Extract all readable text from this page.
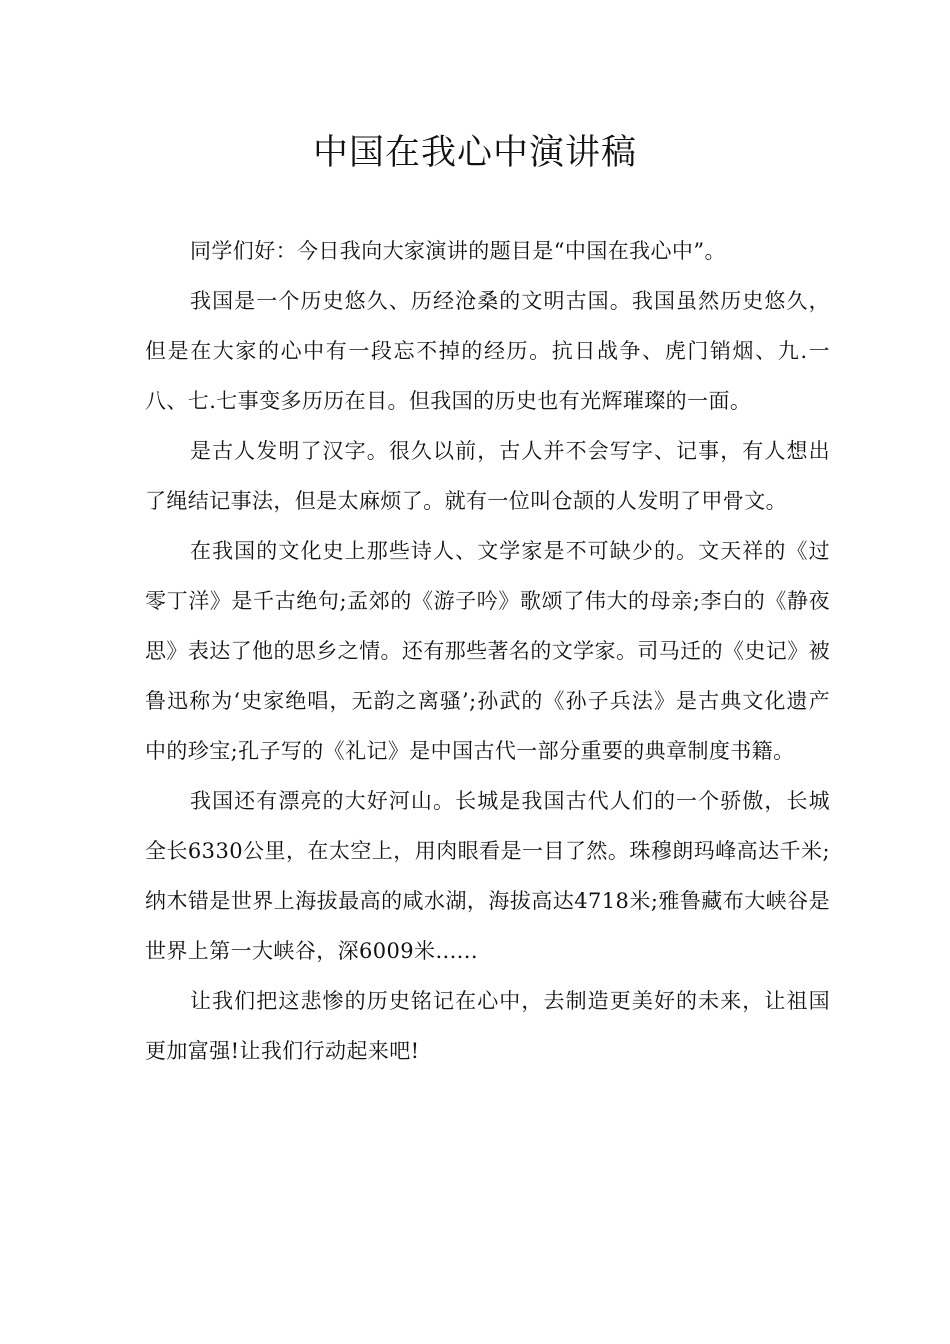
中国在我心中演讲稿

同学们好：今日我向大家演讲的题目是“中国在我心中”。

我国是一个历史悠久、历经沧桑的文明古国。我国虽然历史悠久，但是在大家的心中有一段忘不掉的经历。抗日战争、虎门销烟、九.一八、七.七事变多历历在目。但我国的历史也有光辉璀璨的一面。

是古人发明了汉字。很久以前，古人并不会写字、记事，有人想出了绳结记事法，但是太麻烦了。就有一位叫仓颉的人发明了甲骨文。

在我国的文化史上那些诗人、文学家是不可缺少的。文天祥的《过零丁洋》是千古绝句;孟郊的《游子吟》歌颂了伟大的母亲;李白的《静夜思》表达了他的思乡之情。还有那些著名的文学家。司马迁的《史记》被鲁迅称为‘史家绝唱，无韵之离骚’;孙武的《孙子兵法》是古典文化遗产中的珍宝;孔子写的《礼记》是中国古代一部分重要的典章制度书籍。

我国还有漂亮的大好河山。长城是我国古代人们的一个骄傲，长城全长6330公里，在太空上，用肉眼看是一目了然。珠穆朗玛峰高达千米;纳木错是世界上海拔最高的咸水湖，海拔高达4718米;雅鲁藏布大峡谷是世界上第一大峡谷，深6009米......

让我们把这悲惨的历史铭记在心中，去制造更美好的未来，让祖国更加富强!让我们行动起来吧!
